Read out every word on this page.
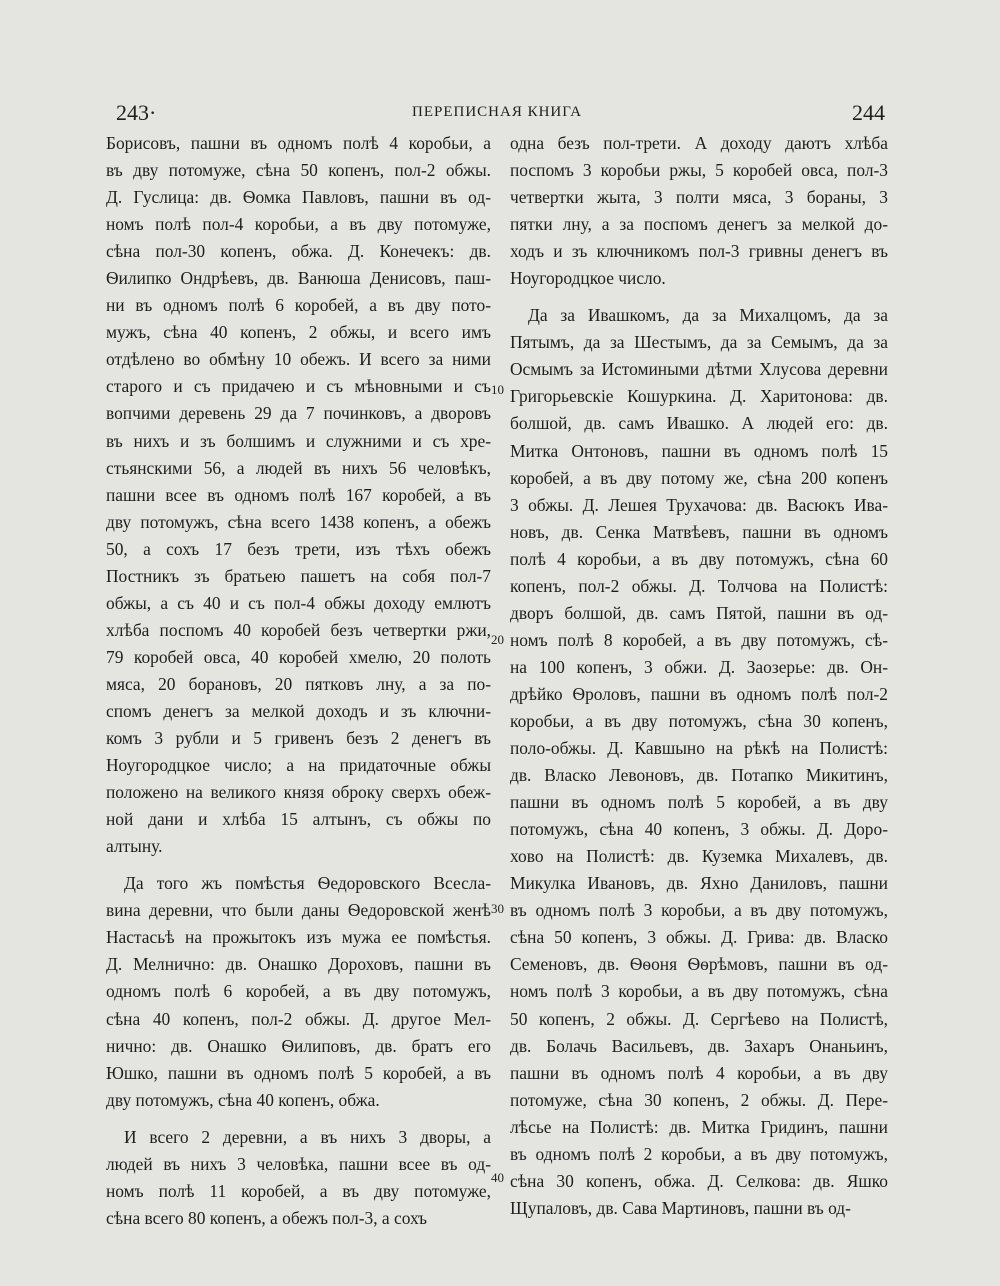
243·	ПЕРЕПИСНАЯ КНИГА	244
Борисовъ, пашни въ одномъ полѣ 4 коробьи, а
въ дву потомуже, сѣна 50 копенъ, пол-2 обжы.
Д. Гуслица: дв. Ѳомка Павловъ, пашни въ од-
номъ полѣ пол-4 коробьи, а въ дву потомуже,
сѣна пол-30 копенъ, обжа. Д. Конечекъ: дв.
Ѳилипко Ондрѣевъ, дв. Ванюша Денисовъ, паш-
ни въ одномъ полѣ 6 коробей, а въ дву пото-
мужъ, сѣна 40 копенъ, 2 обжы, и всего имъ
отдѣлено во обмѣну 10 обежъ. И всего за ними
старого и съ придачею и съ мѣновными и съ
вопчими деревень 29 да 7 починковъ, а дворовъ
въ нихъ и зъ болшимъ и служними и съ хре-
стьянскими 56, а людей въ нихъ 56 человѣкъ,
пашни всее въ одномъ полѣ 167 коробей, а въ
дву потомужъ, сѣна всего 1438 копенъ, а обежъ
50, а сохъ 17 безъ трети, изъ тѣхъ обежъ
Постникъ зъ братьею пашетъ на собя пол-7
обжы, а съ 40 и съ пол-4 обжы доходу емлютъ
хлѣба поспомъ 40 коробей безъ четвертки ржи,
79 коробей овса, 40 коробей хмелю, 20 полоть
мяса, 20 борановъ, 20 пятковъ лну, а за по-
спомъ денегъ за мелкой доходъ и зъ ключни-
комъ 3 рубли и 5 гривенъ безъ 2 денегъ въ
Ноугородцкое число; а на придаточные обжы
положено на великого князя оброку сверхъ обеж-
ной дани и хлѣба 15 алтынъ, съ обжы по
алтыну.
Да того жъ помѣстья Ѳедоровского Всесла-
вина деревни, что были даны Ѳедоровской женѣ
Настасьѣ на прожытокъ изъ мужа ее помѣстья.
Д. Мелнично: дв. Онашко Дороховъ, пашни въ
одномъ полѣ 6 коробей, а въ дву потомужъ,
сѣна 40 копенъ, пол-2 обжы. Д. другое Мел-
нично: дв. Онашко Ѳилиповъ, дв. братъ его
Юшко, пашни въ одномъ полѣ 5 коробей, а въ
дву потомужъ, сѣна 40 копенъ, обжа.
И всего 2 деревни, а въ нихъ 3 дворы, а
людей въ нихъ 3 человѣка, пашни всее въ од-
номъ полѣ 11 коробей, а въ дву потомуже,
сѣна всего 80 копенъ, а обежъ пол-3, а сохъ
одна безъ пол-трети. А доходу даютъ хлѣба
поспомъ 3 коробьи ржы, 5 коробей овса, пол-3
четвертки жыта, 3 полти мяса, 3 бораны, 3
пятки лну, а за поспомъ денегъ за мелкой до-
ходъ и зъ ключникомъ пол-3 гривны денегъ въ
Ноугородцкое число.
Да за Ивашкомъ, да за Михалцомъ, да за
Пятымъ, да за Шестымъ, да за Семымъ, да за
Осмымъ за Истомиными дѣтми Хлусова деревни
Григорьевскіе Кошуркина. Д. Харитонова: дв.
болшой, дв. самъ Ивашко. А людей его: дв.
Митка Онтоновъ, пашни въ одномъ полѣ 15
коробей, а въ дву потому же, сѣна 200 копенъ
3 обжы. Д. Лешея Трухачова: дв. Васюкъ Ива-
новъ, дв. Сенка Матвѣевъ, пашни въ одномъ
полѣ 4 коробьи, а въ дву потомужъ, сѣна 60
копенъ, пол-2 обжы. Д. Толчова на Полистѣ:
дворъ болшой, дв. самъ Пятой, пашни въ од-
номъ полѣ 8 коробей, а въ дву потомужъ, сѣ-
на 100 копенъ, 3 обжи. Д. Заозерье: дв. Он-
дрѣйко Ѳроловъ, пашни въ одномъ полѣ пол-2
коробьи, а въ дву потомужъ, сѣна 30 копенъ,
поло-обжы. Д. Кавшыно на рѣкѣ на Полистѣ:
дв. Власко Левоновъ, дв. Потапко Микитинъ,
пашни въ одномъ полѣ 5 коробей, а въ дву
потомужъ, сѣна 40 копенъ, 3 обжы. Д. Доро-
хово на Полистѣ: дв. Куземка Михалевъ, дв.
Микулка Ивановъ, дв. Яхно Даниловъ, пашни
въ одномъ полѣ 3 коробьи, а въ дву потомужъ,
сѣна 50 копенъ, 3 обжы. Д. Грива: дв. Власко
Семеновъ, дв. Ѳѳоня Ѳѳрѣмовъ, пашни въ од-
номъ полѣ 3 коробьи, а въ дву потомужъ, сѣна
50 копенъ, 2 обжы. Д. Сергѣево на Полистѣ,
дв. Болачь Васильевъ, дв. Захаръ Онаньинъ,
пашни въ одномъ полѣ 4 коробьи, а въ дву
потомуже, сѣна 30 копенъ, 2 обжы. Д. Пере-
лѣсье на Полистѣ: дв. Митка Гридинъ, пашни
въ одномъ полѣ 2 коробьи, а въ дву потомужъ,
сѣна 30 копенъ, обжа. Д. Селкова: дв. Яшко
Щупаловъ, дв. Сава Мартиновъ, пашни въ од-
10
20
30
40
